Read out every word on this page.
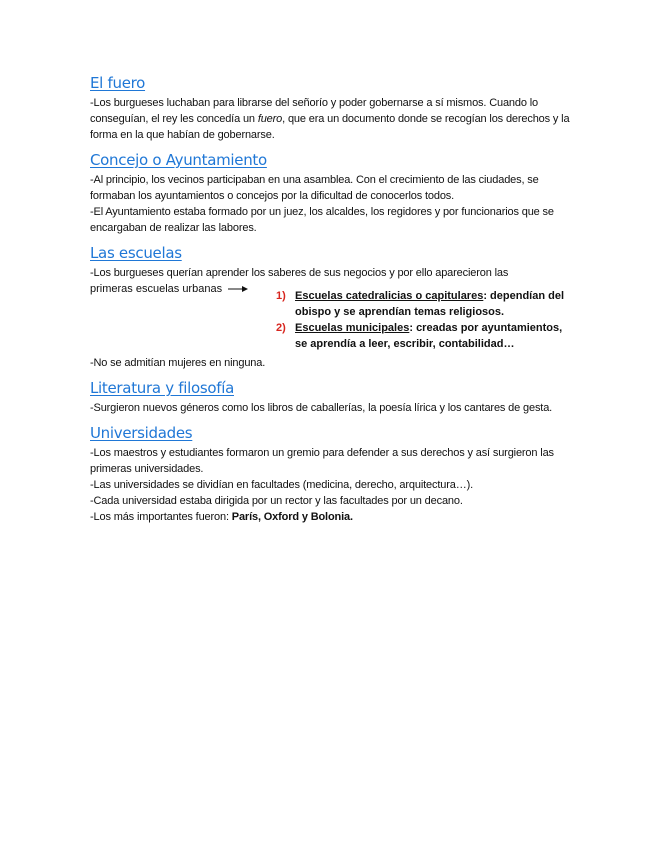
El fuero

-Los burgueses luchaban para librarse del señorío y poder gobernarse a sí mismos. Cuando lo conseguían, el rey les concedía un fuero, que era un documento donde se recogían los derechos y la forma en la que habían de gobernarse.

Concejo o Ayuntamiento

-Al principio, los vecinos participaban en una asamblea. Con el crecimiento de las ciudades, se formaban los ayuntamientos o concejos por la dificultad de conocerlos todos.

-El Ayuntamiento estaba formado por un juez, los alcaldes, los regidores y por funcionarios que se encargaban de realizar las labores.

Las escuelas

-Los burgueses querían aprender los saberes de sus negocios y por ello aparecieron las

primeras escuelas urbanas
1) Escuelas catedralicias o capitulares: dependían del obispo y se aprendían temas religiosos.
2) Escuelas municipales: creadas por ayuntamientos, se aprendía a leer, escribir, contabilidad…

-No se admitían mujeres en ninguna.

Literatura y filosofía

-Surgieron nuevos géneros como los libros de caballerías, la poesía lírica y los cantares de gesta.

Universidades

-Los maestros y estudiantes formaron un gremio para defender a sus derechos y así surgieron las primeras universidades.

-Las universidades se dividían en facultades (medicina, derecho, arquitectura…).

-Cada universidad estaba dirigida por un rector y las facultades por un decano.

-Los más importantes fueron: París, Oxford y Bolonia.
